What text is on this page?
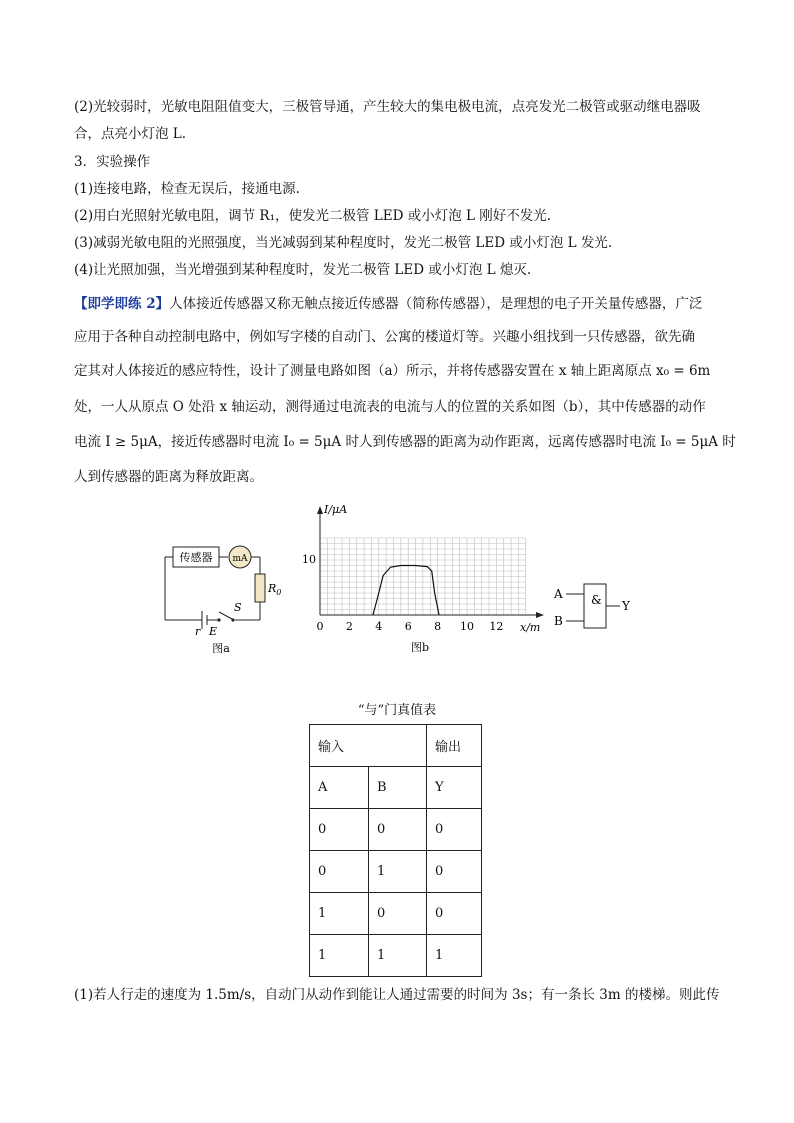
(2)光较弱时，光敏电阻阻值变大，三极管导通，产生较大的集电极电流，点亮发光二极管或驱动继电器吸
合，点亮小灯泡 L.
3．实验操作
(1)连接电路，检查无误后，接通电源.
(2)用白光照射光敏电阻，调节 R₁，使发光二极管 LED 或小灯泡 L 刚好不发光.
(3)减弱光敏电阻的光照强度，当光减弱到某种程度时，发光二极管 LED 或小灯泡 L 发光.
(4)让光照加强，当光增强到某种程度时，发光二极管 LED 或小灯泡 L 熄灭.
【即学即练 2】人体接近传感器又称无触点接近传感器（简称传感器），是理想的电子开关量传感器，广泛
应用于各种自动控制电路中，例如写字楼的自动门、公寓的楼道灯等。兴趣小组找到一只传感器，欲先确
定其对人体接近的感应特性，设计了测量电路如图（a）所示，并将传感器安置在 x 轴上距离原点 x₀ = 6m
处，一人从原点 O 处沿 x 轴运动，测得通过电流表的电流与人的位置的关系如图（b），其中传感器的动作
电流 I ≥ 5μA，接近传感器时电流 I₀ = 5μA 时人到传感器的距离为动作距离，远离传感器时电流 I₀ = 5μA 时
人到传感器的距离为释放距离。
传感器 mA
$R_0$
S
r E
图a
I/μA
x/m
10
0 2 4 6 8 10 12
图b
A
B
& Y
“与”门真值表
输入		输出
A	B	Y
0	0	0
0	1	0
1	0	0
1	1	1
(1)若人行走的速度为 1.5m/s，自动门从动作到能让人通过需要的时间为 3s；有一条长 3m 的楼梯。则此传
